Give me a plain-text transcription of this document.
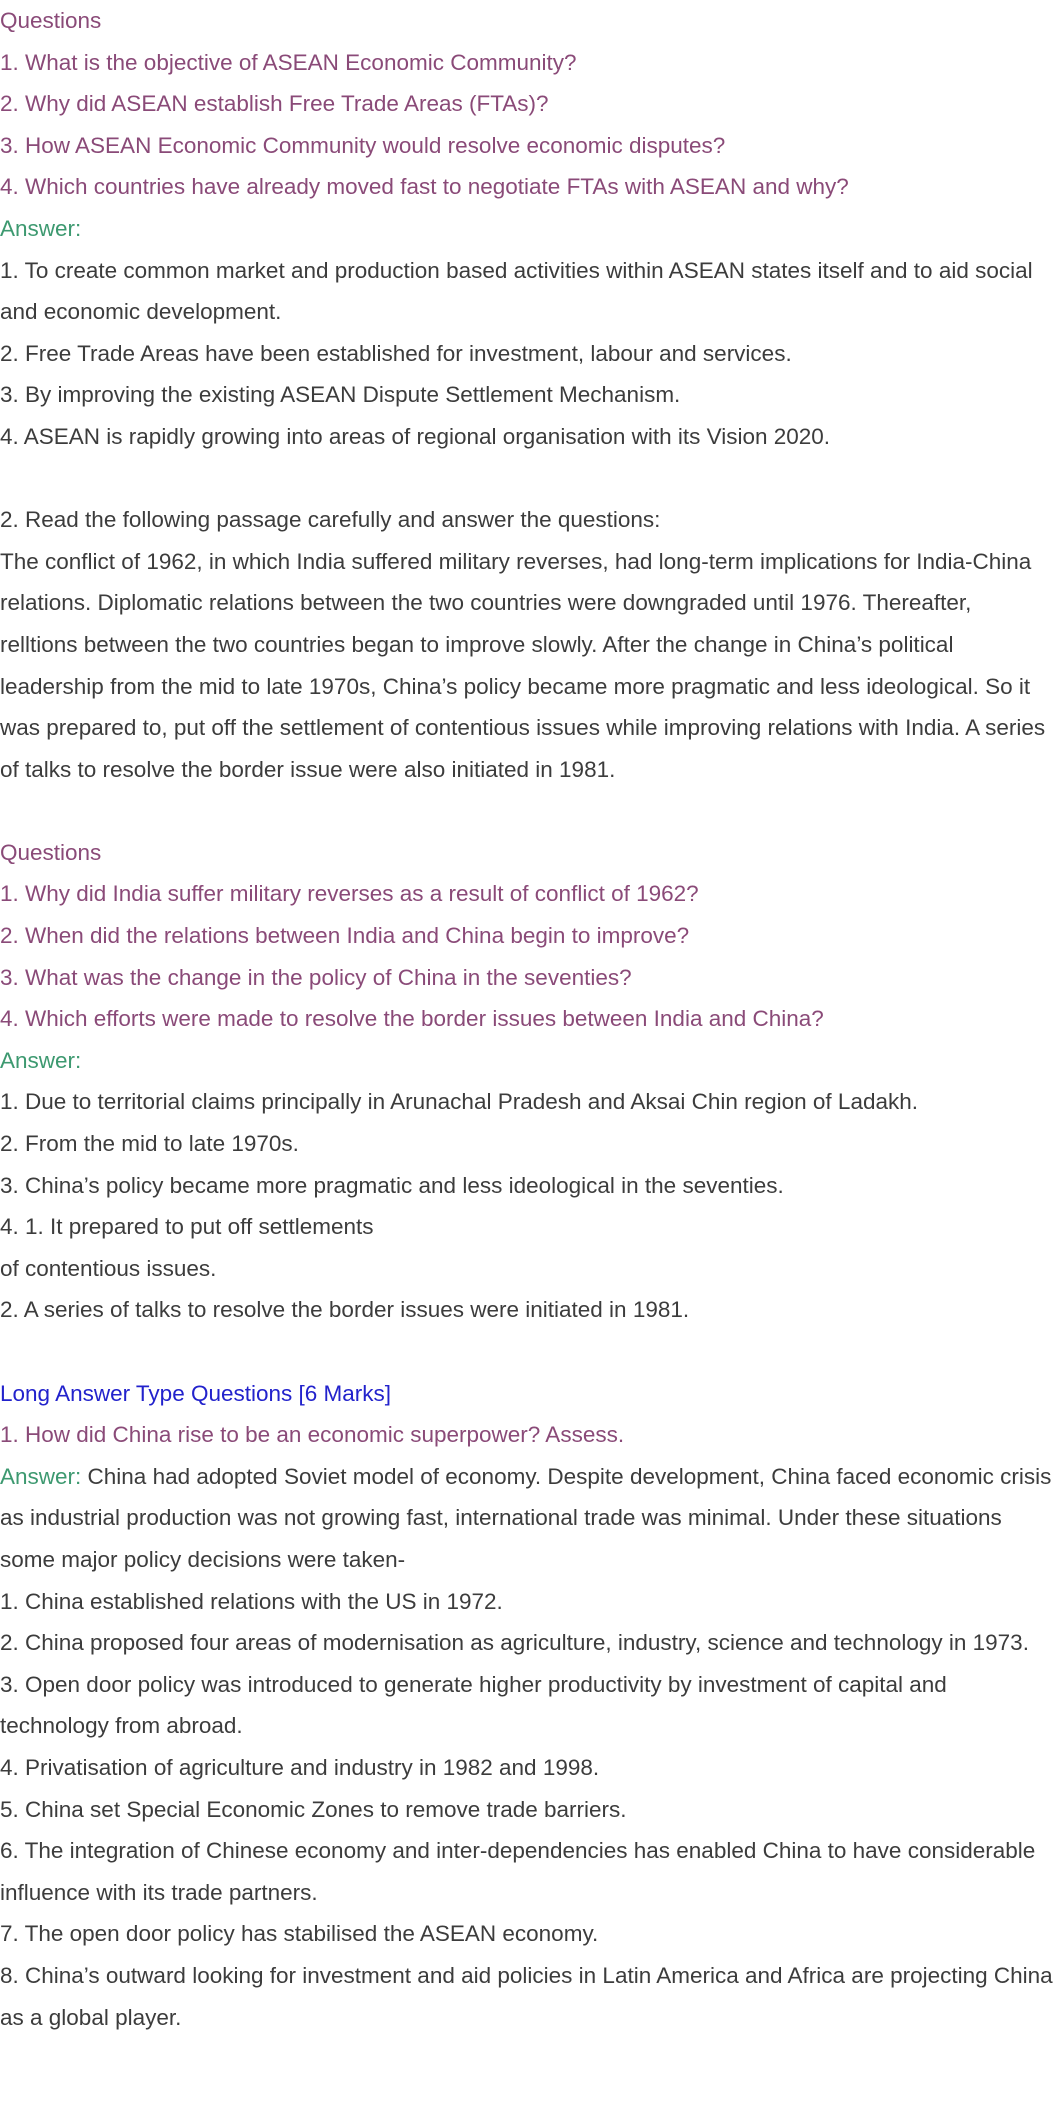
Questions

1. What is the objective of ASEAN Economic Community?

2. Why did ASEAN establish Free Trade Areas (FTAs)?

3. How ASEAN Economic Community would resolve economic disputes?

4. Which countries have already moved fast to negotiate FTAs with ASEAN and why?

Answer:

1. To create common market and production based activities within ASEAN states itself and to aid social and economic development.

2. Free Trade Areas have been established for investment, labour and services.

3. By improving the existing ASEAN Dispute Settlement Mechanism.

4. ASEAN is rapidly growing into areas of regional organisation with its Vision 2020.

2. Read the following passage carefully and answer the questions:

The conflict of 1962, in which India suffered military reverses, had long-term implications for India-China relations. Diplomatic relations between the two countries were downgraded until 1976. Thereafter, relltions between the two countries began to improve slowly. After the change in China’s political leadership from the mid to late 1970s, China’s policy became more pragmatic and less ideological. So it was prepared to, put off the settlement of contentious issues while improving relations with India. A series of talks to resolve the border issue were also initiated in 1981.

Questions

1. Why did India suffer military reverses as a result of conflict of 1962?

2. When did the relations between India and China begin to improve?

3. What was the change in the policy of China in the seventies?

4. Which efforts were made to resolve the border issues between India and China?

Answer:

1. Due to territorial claims principally in Arunachal Pradesh and Aksai Chin region of Ladakh.

2. From the mid to late 1970s.

3. China’s policy became more pragmatic and less ideological in the seventies.

4. 1. It prepared to put off settlements

of contentious issues.

2. A series of talks to resolve the border issues were initiated in 1981.

Long Answer Type Questions [6 Marks]

1. How did China rise to be an economic superpower? Assess.

Answer: China had adopted Soviet model of economy. Despite development, China faced economic crisis as industrial production was not growing fast, international trade was minimal. Under these situations some major policy decisions were taken-

1. China established relations with the US in 1972.

2. China proposed four areas of modernisation as agriculture, industry, science and technology in 1973.

3. Open door policy was introduced to generate higher productivity by investment of capital and technology from abroad.

4. Privatisation of agriculture and industry in 1982 and 1998.

5. China set Special Economic Zones to remove trade barriers.

6. The integration of Chinese economy and inter-dependencies has enabled China to have considerable influence with its trade partners.

7. The open door policy has stabilised the ASEAN economy.

8. China’s outward looking for investment and aid policies in Latin America and Africa are projecting China as a global player.
